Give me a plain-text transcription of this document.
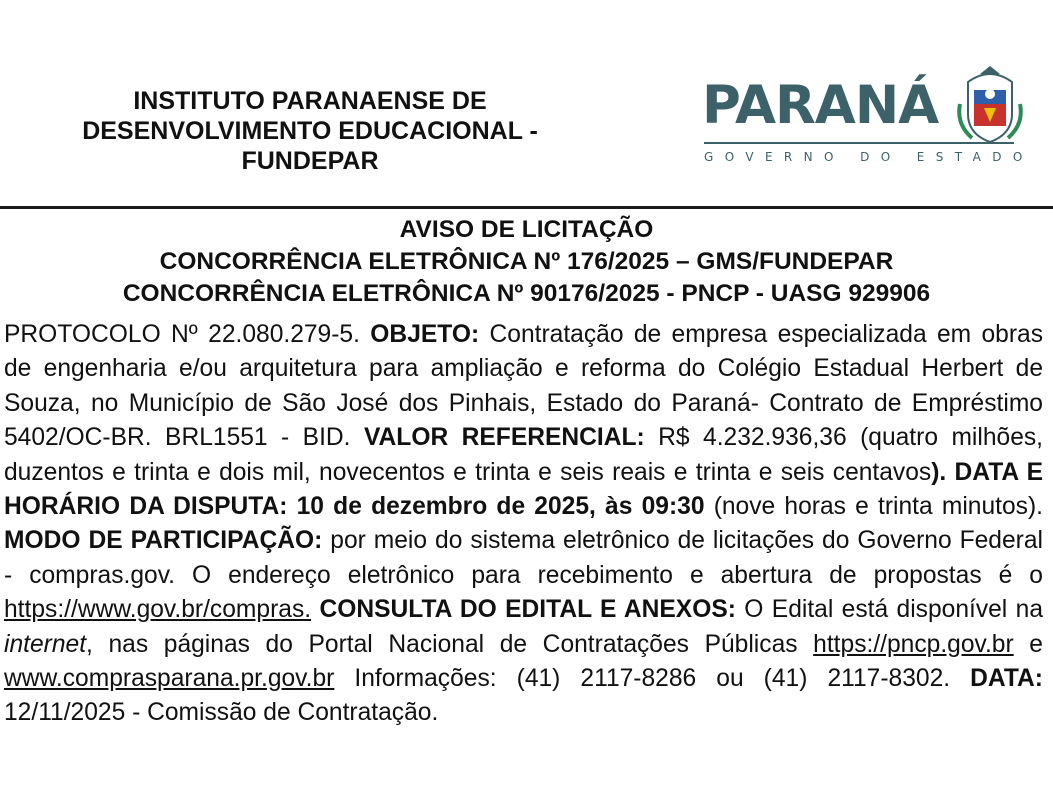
INSTITUTO PARANAENSE DE
DESENVOLVIMENTO EDUCACIONAL -
FUNDEPAR
PARANÁ
GOVERNO DO ESTADO
AVISO DE LICITAÇÃO
CONCORRÊNCIA ELETRÔNICA Nº 176/2025 – GMS/FUNDEPAR
CONCORRÊNCIA ELETRÔNICA Nº 90176/2025 - PNCP - UASG 929906
PROTOCOLO Nº 22.080.279-5. OBJETO: Contratação de empresa especializada em obras de engenharia e/ou arquitetura para ampliação e reforma do Colégio Estadual Herbert de Souza, no Município de São José dos Pinhais, Estado do Paraná- Contrato de Empréstimo 5402/OC-BR. BRL1551 - BID. VALOR REFERENCIAL: R$ 4.232.936,36 (quatro milhões, duzentos e trinta e dois mil, novecentos e trinta e seis reais e trinta e seis centavos). DATA E HORÁRIO DA DISPUTA: 10 de dezembro de 2025, às 09:30 (nove horas e trinta minutos). MODO DE PARTICIPAÇÃO: por meio do sistema eletrônico de licitações do Governo Federal - compras.gov. O endereço eletrônico para recebimento e abertura de propostas é o https://www.gov.br/compras. CONSULTA DO EDITAL E ANEXOS: O Edital está disponível na internet, nas páginas do Portal Nacional de Contratações Públicas https://pncp.gov.br e www.comprasparana.pr.gov.br Informações: (41) 2117-8286 ou (41) 2117-8302. DATA: 12/11/2025 - Comissão de Contratação.
